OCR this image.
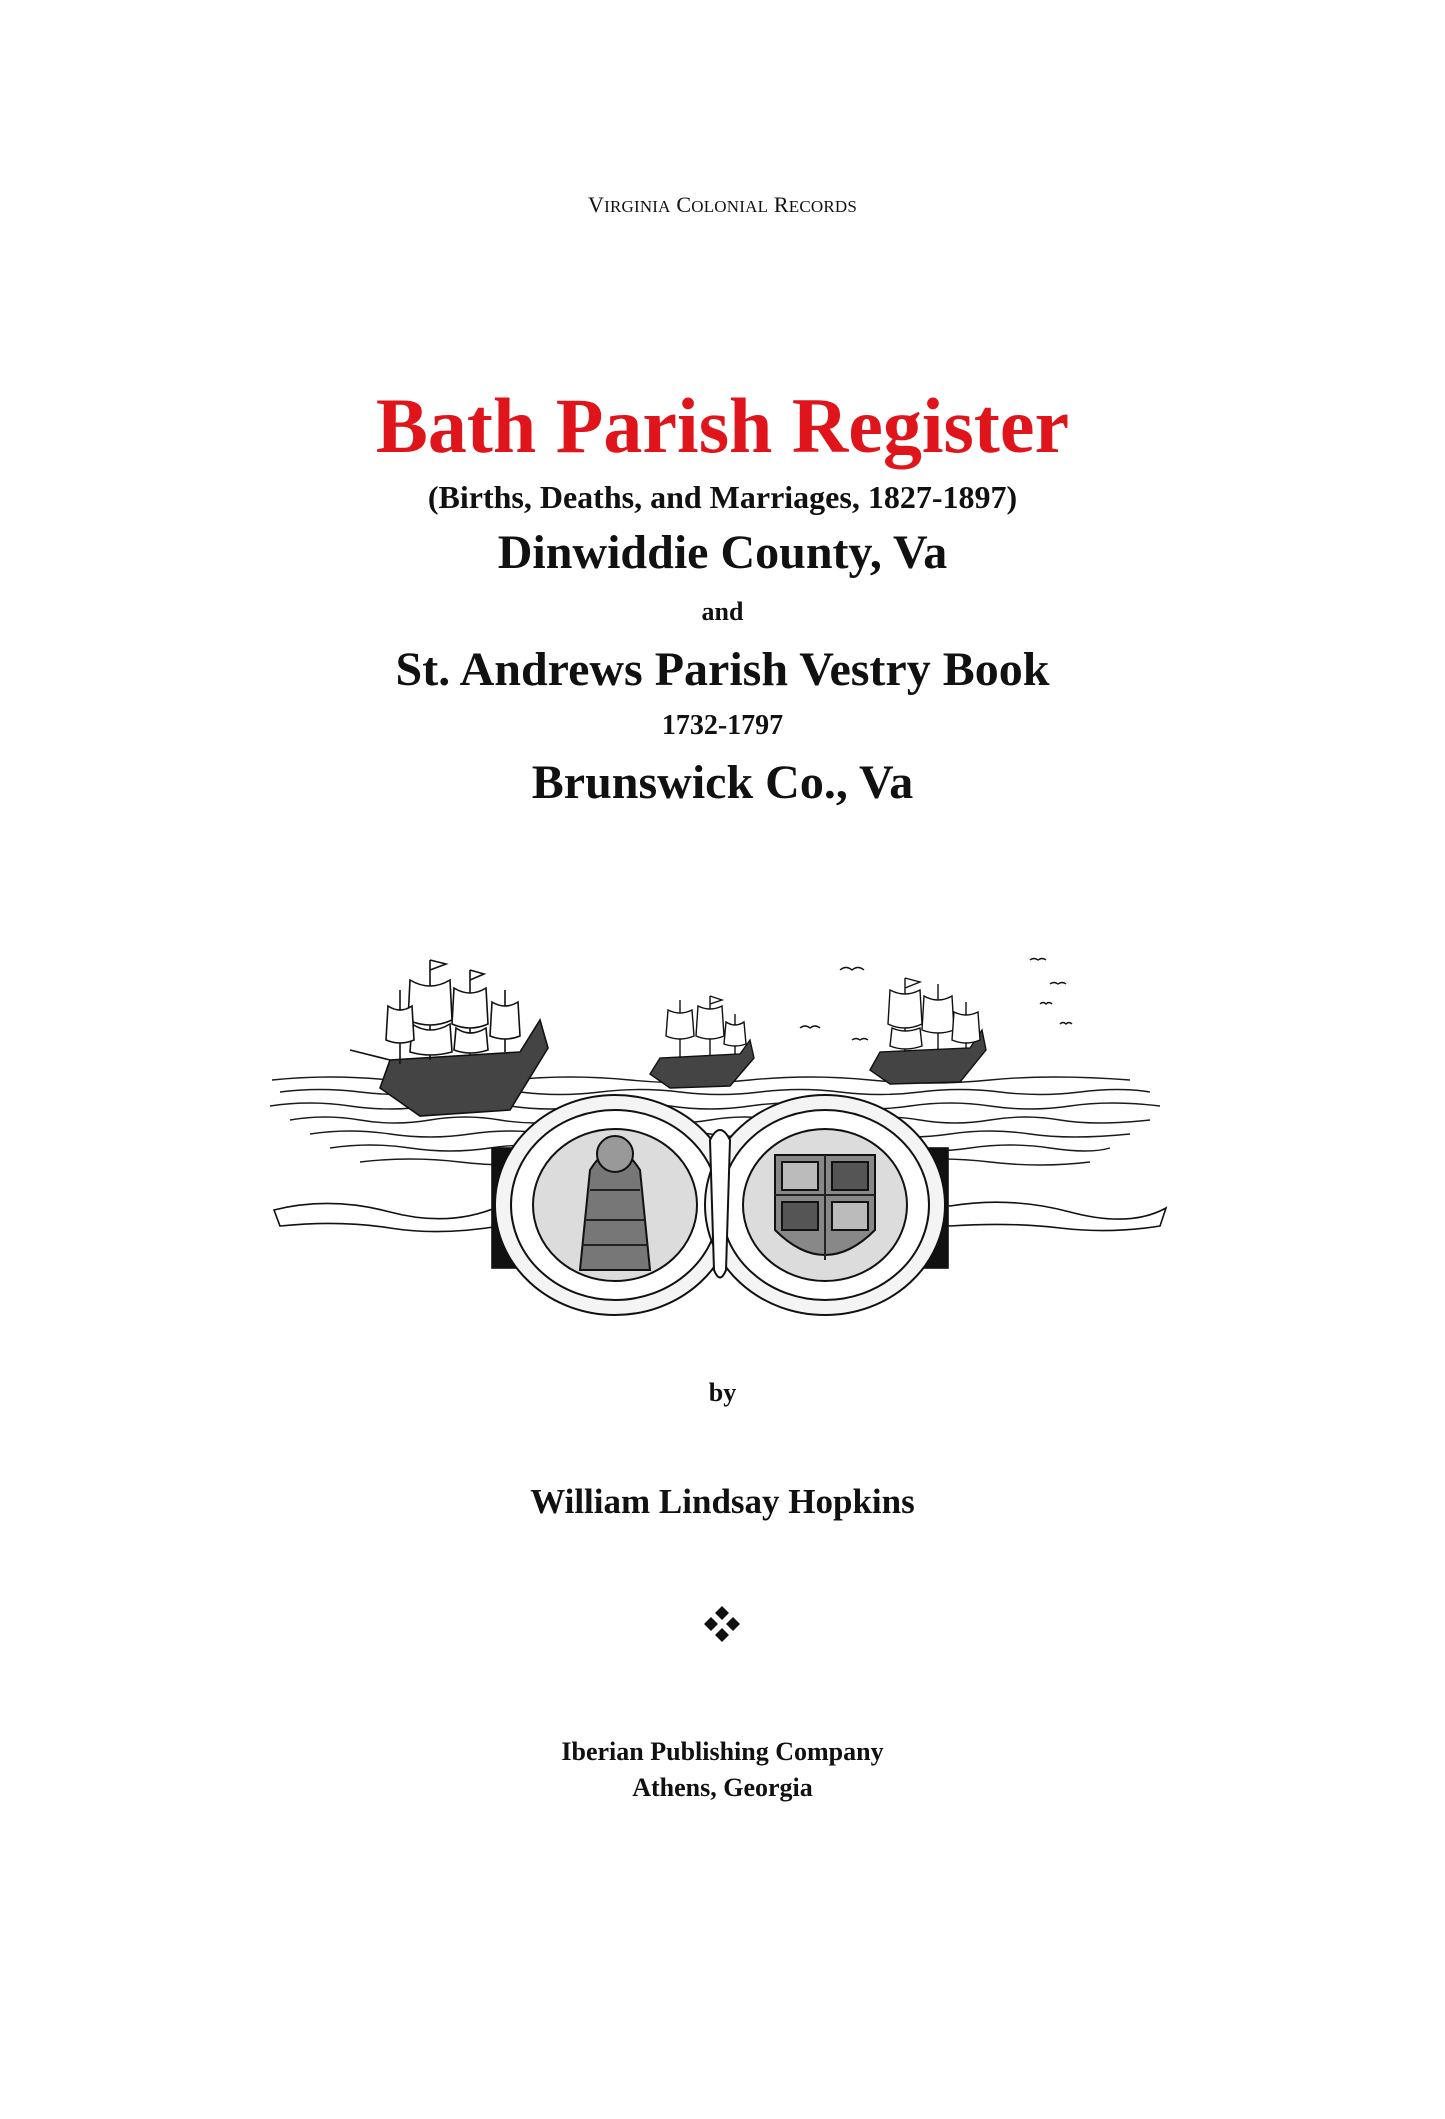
VIRGINIA COLONIAL RECORDS
Bath Parish Register
(Births, Deaths, and Marriages, 1827-1897)
Dinwiddie County, Va
and
St. Andrews Parish Vestry Book
1732-1797
Brunswick Co., Va
by
William Lindsay Hopkins
Iberian Publishing Company
Athens, Georgia
